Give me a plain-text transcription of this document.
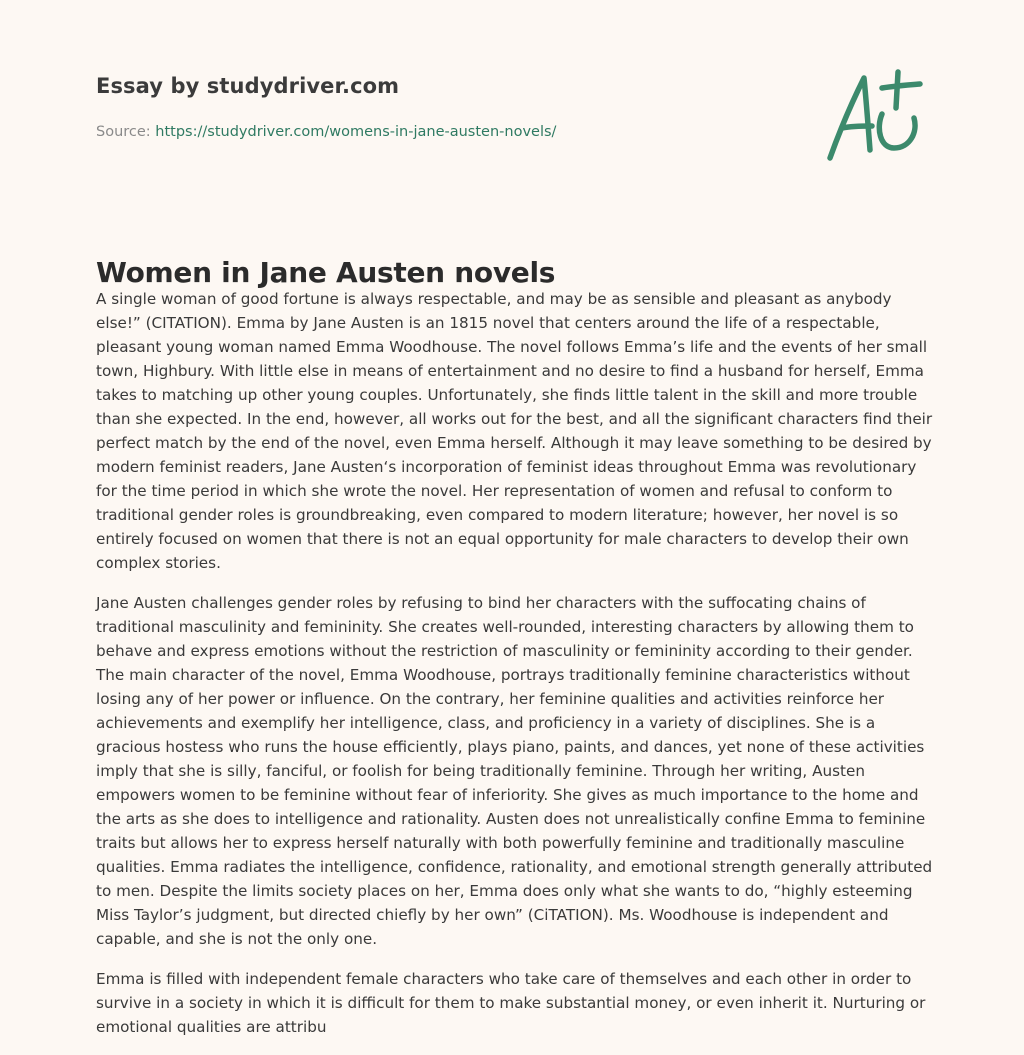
Essay by studydriver.com
Source: https://studydriver.com/womens-in-jane-austen-novels/
Women in Jane Austen novels

A single woman of good fortune is always respectable, and may be as sensible and pleasant as anybody else!” (CITATION). Emma by Jane Austen is an 1815 novel that centers around the life of a respectable, pleasant young woman named Emma Woodhouse. The novel follows Emma’s life and the events of her small town, Highbury. With little else in means of entertainment and no desire to find a husband for herself, Emma takes to matching up other young couples. Unfortunately, she finds little talent in the skill and more trouble than she expected. In the end, however, all works out for the best, and all the significant characters find their perfect match by the end of the novel, even Emma herself. Although it may leave something to be desired by modern feminist readers, Jane Austen‘s incorporation of feminist ideas throughout Emma was revolutionary for the time period in which she wrote the novel. Her representation of women and refusal to conform to traditional gender roles is groundbreaking, even compared to modern literature; however, her novel is so entirely focused on women that there is not an equal opportunity for male characters to develop their own complex stories.

Jane Austen challenges gender roles by refusing to bind her characters with the suffocating chains of traditional masculinity and femininity. She creates well-rounded, interesting characters by allowing them to behave and express emotions without the restriction of masculinity or femininity according to their gender. The main character of the novel, Emma Woodhouse, portrays traditionally feminine characteristics without losing any of her power or influence. On the contrary, her feminine qualities and activities reinforce her achievements and exemplify her intelligence, class, and proficiency in a variety of disciplines. She is a gracious hostess who runs the house efficiently, plays piano, paints, and dances, yet none of these activities imply that she is silly, fanciful, or foolish for being traditionally feminine. Through her writing, Austen empowers women to be feminine without fear of inferiority. She gives as much importance to the home and the arts as she does to intelligence and rationality. Austen does not unrealistically confine Emma to feminine traits but allows her to express herself naturally with both powerfully feminine and traditionally masculine qualities. Emma radiates the intelligence, confidence, rationality, and emotional strength generally attributed to men. Despite the limits society places on her, Emma does only what she wants to do, “highly esteeming Miss Taylor’s judgment, but directed chiefly by her own” (CiTATION). Ms. Woodhouse is independent and capable, and she is not the only one.

Emma is filled with independent female characters who take care of themselves and each other in order to survive in a society in which it is difficult for them to make substantial money, or even inherit it. Nurturing or emotional qualities are attribu
